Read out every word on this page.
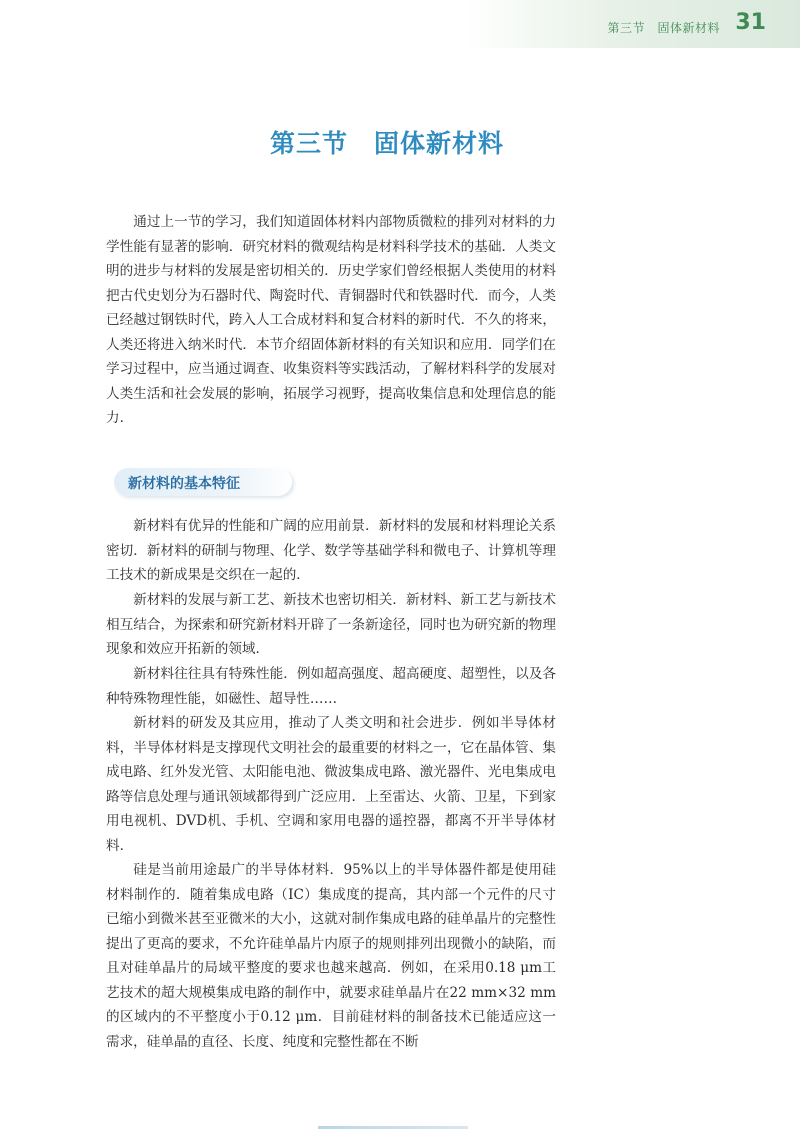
第三节　固体新材料 31
第三节　固体新材料

通过上一节的学习，我们知道固体材料内部物质微粒的排列对材料的力学性能有显著的影响．研究材料的微观结构是材料科学技术的基础．人类文明的进步与材料的发展是密切相关的．历史学家们曾经根据人类使用的材料把古代史划分为石器时代、陶瓷时代、青铜器时代和铁器时代．而今，人类已经越过钢铁时代，跨入人工合成材料和复合材料的新时代．不久的将来，人类还将进入纳米时代．本节介绍固体新材料的有关知识和应用．同学们在学习过程中，应当通过调查、收集资料等实践活动，了解材料科学的发展对人类生活和社会发展的影响，拓展学习视野，提高收集信息和处理信息的能力．

新材料的基本特征

新材料有优异的性能和广阔的应用前景．新材料的发展和材料理论关系密切．新材料的研制与物理、化学、数学等基础学科和微电子、计算机等理工技术的新成果是交织在一起的．

新材料的发展与新工艺、新技术也密切相关．新材料、新工艺与新技术相互结合，为探索和研究新材料开辟了一条新途径，同时也为研究新的物理现象和效应开拓新的领域．

新材料往往具有特殊性能．例如超高强度、超高硬度、超塑性，以及各种特殊物理性能，如磁性、超导性……

新材料的研发及其应用，推动了人类文明和社会进步．例如半导体材料，半导体材料是支撑现代文明社会的最重要的材料之一，它在晶体管、集成电路、红外发光管、太阳能电池、微波集成电路、激光器件、光电集成电路等信息处理与通讯领域都得到广泛应用．上至雷达、火箭、卫星，下到家用电视机、DVD机、手机、空调和家用电器的遥控器，都离不开半导体材料．

硅是当前用途最广的半导体材料．95%以上的半导体器件都是使用硅材料制作的．随着集成电路（IC）集成度的提高，其内部一个元件的尺寸已缩小到微米甚至亚微米的大小，这就对制作集成电路的硅单晶片的完整性提出了更高的要求，不允许硅单晶片内原子的规则排列出现微小的缺陷，而且对硅单晶片的局域平整度的要求也越来越高．例如，在采用0.18 μm工艺技术的超大规模集成电路的制作中，就要求硅单晶片在22 mm×32 mm的区域内的不平整度小于0.12 μm．目前硅材料的制备技术已能适应这一需求，硅单晶的直径、长度、纯度和完整性都在不断
